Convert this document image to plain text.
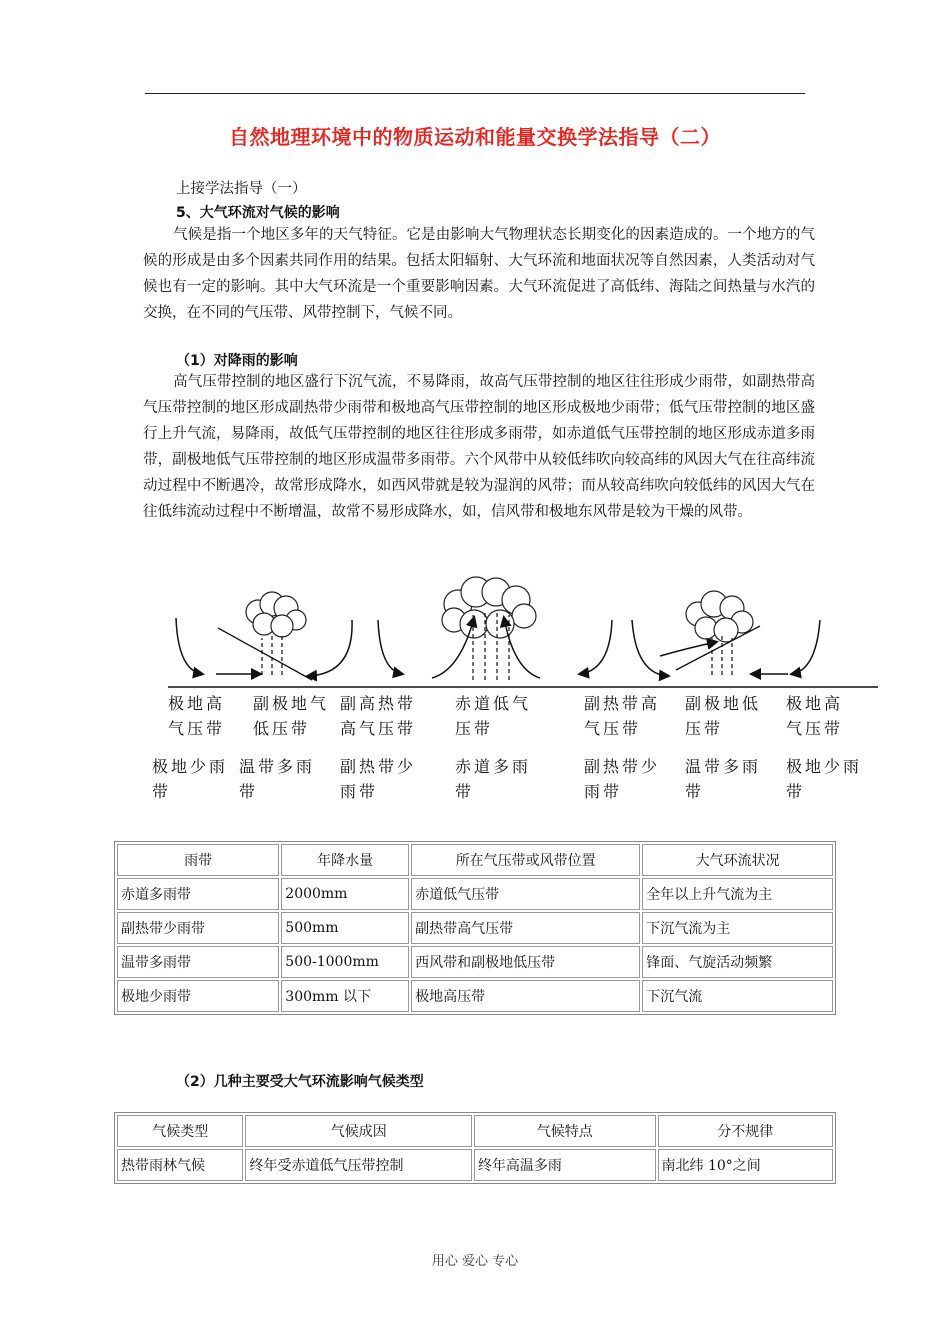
自然地理环境中的物质运动和能量交换学法指导（二）
上接学法指导（一）
5、大气环流对气候的影响
气候是指一个地区多年的天气特征。它是由影响大气物理状态长期变化的因素造成的。一个地方的气候的形成是由多个因素共同作用的结果。包括太阳辐射、大气环流和地面状况等自然因素，人类活动对气候也有一定的影响。其中大气环流是一个重要影响因素。大气环流促进了高低纬、海陆之间热量与水汽的交换，在不同的气压带、风带控制下，气候不同。
（1）对降雨的影响
高气压带控制的地区盛行下沉气流，不易降雨，故高气压带控制的地区往往形成少雨带，如副热带高气压带控制的地区形成副热带少雨带和极地高气压带控制的地区形成极地少雨带；低气压带控制的地区盛行上升气流，易降雨，故低气压带控制的地区往往形成多雨带，如赤道低气压带控制的地区形成赤道多雨带，副极地低气压带控制的地区形成温带多雨带。六个风带中从较低纬吹向较高纬的风因大气在往高纬流动过程中不断遇冷，故常形成降水，如西风带就是较为湿润的风带；而从较高纬吹向较低纬的风因大气在往低纬流动过程中不断增温，故常不易形成降水，如，信风带和极地东风带是较为干燥的风带。
极地高
气压带
副极地气
低压带
副高热带
高气压带
赤道低气
压带
副热带高
气压带
副极地低
压带
极地高
气压带
极地少雨
带
温带多雨
带
副热带少
雨带
赤道多雨
带
副热带少
雨带
温带多雨
带
极地少雨
带
雨带	年降水量	所在气压带或风带位置	大气环流状况
赤道多雨带	2000mm	赤道低气压带	全年以上升气流为主
副热带少雨带	500mm	副热带高气压带	下沉气流为主
温带多雨带	500-1000mm	西风带和副极地低压带	锋面、气旋活动频繁
极地少雨带	300mm 以下	极地高压带	下沉气流
（2）几种主要受大气环流影响气候类型
气候类型	气候成因	气候特点	分不规律
热带雨林气候	终年受赤道低气压带控制	终年高温多雨	南北纬 10°之间
用心 爱心 专心
